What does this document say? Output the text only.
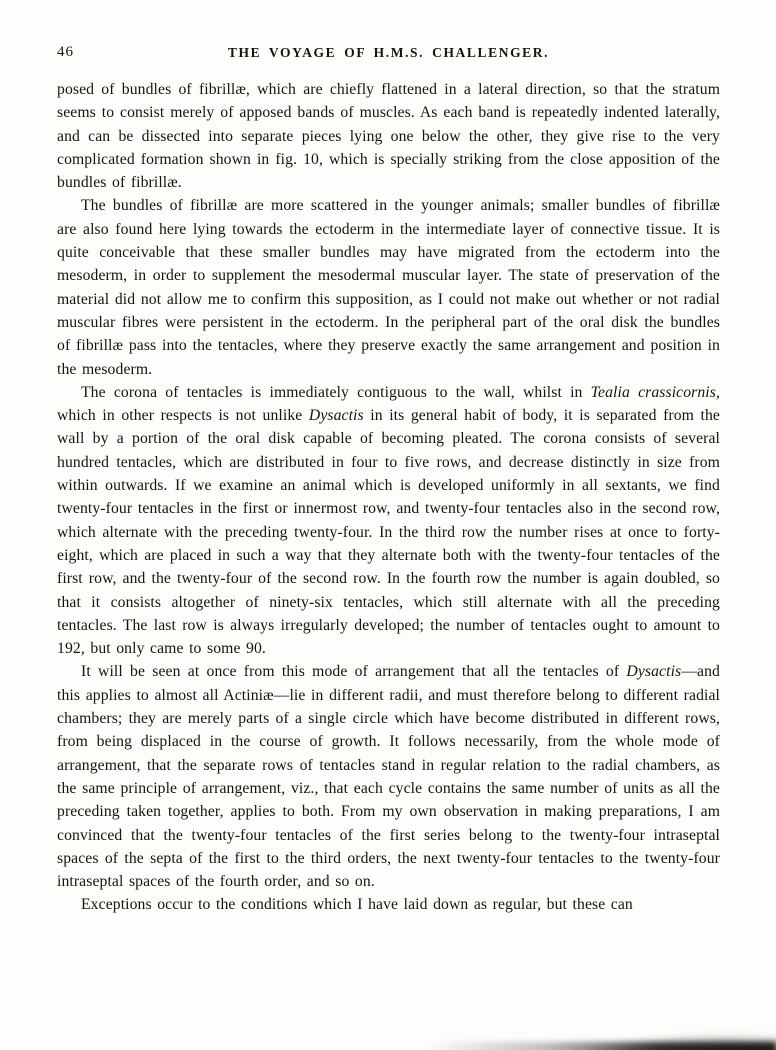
46	THE VOYAGE OF H.M.S. CHALLENGER.

posed of bundles of fibrillæ, which are chiefly flattened in a lateral direction, so that the stratum seems to consist merely of apposed bands of muscles. As each band is repeatedly indented laterally, and can be dissected into separate pieces lying one below the other, they give rise to the very complicated formation shown in fig. 10, which is specially striking from the close apposition of the bundles of fibrillæ.

The bundles of fibrillæ are more scattered in the younger animals; smaller bundles of fibrillæ are also found here lying towards the ectoderm in the intermediate layer of connective tissue. It is quite conceivable that these smaller bundles may have migrated from the ectoderm into the mesoderm, in order to supplement the mesodermal muscular layer. The state of preservation of the material did not allow me to confirm this supposition, as I could not make out whether or not radial muscular fibres were persistent in the ectoderm. In the peripheral part of the oral disk the bundles of fibrillæ pass into the tentacles, where they preserve exactly the same arrangement and position in the mesoderm.

The corona of tentacles is immediately contiguous to the wall, whilst in Tealia crassicornis, which in other respects is not unlike Dysactis in its general habit of body, it is separated from the wall by a portion of the oral disk capable of becoming pleated. The corona consists of several hundred tentacles, which are distributed in four to five rows, and decrease distinctly in size from within outwards. If we examine an animal which is developed uniformly in all sextants, we find twenty-four tentacles in the first or innermost row, and twenty-four tentacles also in the second row, which alternate with the preceding twenty-four. In the third row the number rises at once to forty-eight, which are placed in such a way that they alternate both with the twenty-four tentacles of the first row, and the twenty-four of the second row. In the fourth row the number is again doubled, so that it consists altogether of ninety-six tentacles, which still alternate with all the preceding tentacles. The last row is always irregularly developed; the number of tentacles ought to amount to 192, but only came to some 90.

It will be seen at once from this mode of arrangement that all the tentacles of Dysactis—and this applies to almost all Actiniæ—lie in different radii, and must therefore belong to different radial chambers; they are merely parts of a single circle which have become distributed in different rows, from being displaced in the course of growth. It follows necessarily, from the whole mode of arrangement, that the separate rows of tentacles stand in regular relation to the radial chambers, as the same principle of arrangement, viz., that each cycle contains the same number of units as all the preceding taken together, applies to both. From my own observation in making preparations, I am convinced that the twenty-four tentacles of the first series belong to the twenty-four intraseptal spaces of the septa of the first to the third orders, the next twenty-four tentacles to the twenty-four intraseptal spaces of the fourth order, and so on.

Exceptions occur to the conditions which I have laid down as regular, but these can
